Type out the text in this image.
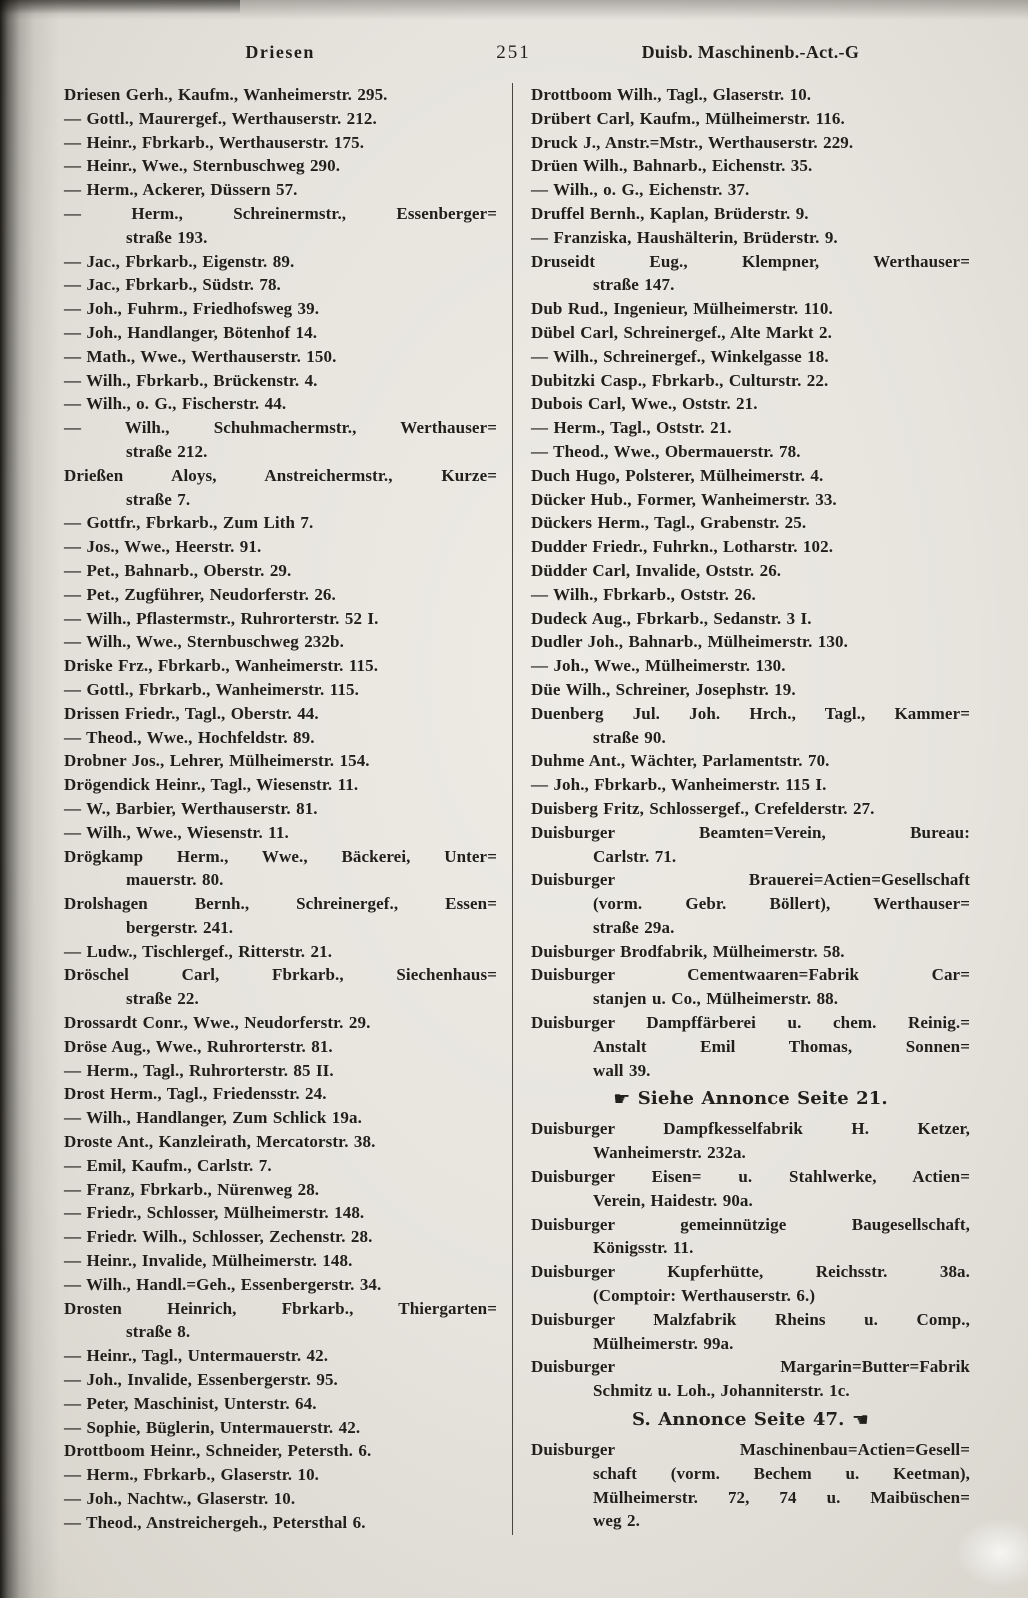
Driesen	251	Duisb. Maschinenb.-Act.-G
Driesen Gerh., Kaufm., Wanheimerstr. 295.
— Gottl., Maurergef., Werthauserstr. 212.
— Heinr., Fbrkarb., Werthauserstr. 175.
— Heinr., Wwe., Sternbuschweg 290.
— Herm., Ackerer, Düssern 57.
— Herm., Schreinermstr., Essenberger=
straße 193.
— Jac., Fbrkarb., Eigenstr. 89.
— Jac., Fbrkarb., Südstr. 78.
— Joh., Fuhrm., Friedhofsweg 39.
— Joh., Handlanger, Bötenhof 14.
— Math., Wwe., Werthauserstr. 150.
— Wilh., Fbrkarb., Brückenstr. 4.
— Wilh., o. G., Fischerstr. 44.
— Wilh., Schuhmachermstr., Werthauser=
straße 212.
Drießen Aloys, Anstreichermstr., Kurze=
straße 7.
— Gottfr., Fbrkarb., Zum Lith 7.
— Jos., Wwe., Heerstr. 91.
— Pet., Bahnarb., Oberstr. 29.
— Pet., Zugführer, Neudorferstr. 26.
— Wilh., Pflastermstr., Ruhrorterstr. 52 I.
— Wilh., Wwe., Sternbuschweg 232b.
Driske Frz., Fbrkarb., Wanheimerstr. 115.
— Gottl., Fbrkarb., Wanheimerstr. 115.
Drissen Friedr., Tagl., Oberstr. 44.
— Theod., Wwe., Hochfeldstr. 89.
Drobner Jos., Lehrer, Mülheimerstr. 154.
Drögendick Heinr., Tagl., Wiesenstr. 11.
— W., Barbier, Werthauserstr. 81.
— Wilh., Wwe., Wiesenstr. 11.
Drögkamp Herm., Wwe., Bäckerei, Unter=
mauerstr. 80.
Drolshagen Bernh., Schreinergef., Essen=
bergerstr. 241.
— Ludw., Tischlergef., Ritterstr. 21.
Dröschel Carl, Fbrkarb., Siechenhaus=
straße 22.
Drossardt Conr., Wwe., Neudorferstr. 29.
Dröse Aug., Wwe., Ruhrorterstr. 81.
— Herm., Tagl., Ruhrorterstr. 85 II.
Drost Herm., Tagl., Friedensstr. 24.
— Wilh., Handlanger, Zum Schlick 19a.
Droste Ant., Kanzleirath, Mercatorstr. 38.
— Emil, Kaufm., Carlstr. 7.
— Franz, Fbrkarb., Nürenweg 28.
— Friedr., Schlosser, Mülheimerstr. 148.
— Friedr. Wilh., Schlosser, Zechenstr. 28.
— Heinr., Invalide, Mülheimerstr. 148.
— Wilh., Handl.=Geh., Essenbergerstr. 34.
Drosten Heinrich, Fbrkarb., Thiergarten=
straße 8.
— Heinr., Tagl., Untermauerstr. 42.
— Joh., Invalide, Essenbergerstr. 95.
— Peter, Maschinist, Unterstr. 64.
— Sophie, Büglerin, Untermauerstr. 42.
Drottboom Heinr., Schneider, Petersth. 6.
— Herm., Fbrkarb., Glaserstr. 10.
— Joh., Nachtw., Glaserstr. 10.
— Theod., Anstreichergeh., Petersthal 6.
Drottboom Wilh., Tagl., Glaserstr. 10.
Drübert Carl, Kaufm., Mülheimerstr. 116.
Druck J., Anstr.=Mstr., Werthauserstr. 229.
Drüen Wilh., Bahnarb., Eichenstr. 35.
— Wilh., o. G., Eichenstr. 37.
Druffel Bernh., Kaplan, Brüderstr. 9.
— Franziska, Haushälterin, Brüderstr. 9.
Druseidt Eug., Klempner, Werthauser=
straße 147.
Dub Rud., Ingenieur, Mülheimerstr. 110.
Dübel Carl, Schreinergef., Alte Markt 2.
— Wilh., Schreinergef., Winkelgasse 18.
Dubitzki Casp., Fbrkarb., Culturstr. 22.
Dubois Carl, Wwe., Oststr. 21.
— Herm., Tagl., Oststr. 21.
— Theod., Wwe., Obermauerstr. 78.
Duch Hugo, Polsterer, Mülheimerstr. 4.
Dücker Hub., Former, Wanheimerstr. 33.
Dückers Herm., Tagl., Grabenstr. 25.
Dudder Friedr., Fuhrkn., Lotharstr. 102.
Düdder Carl, Invalide, Oststr. 26.
— Wilh., Fbrkarb., Oststr. 26.
Dudeck Aug., Fbrkarb., Sedanstr. 3 I.
Dudler Joh., Bahnarb., Mülheimerstr. 130.
— Joh., Wwe., Mülheimerstr. 130.
Düe Wilh., Schreiner, Josephstr. 19.
Duenberg Jul. Joh. Hrch., Tagl., Kammer=
straße 90.
Duhme Ant., Wächter, Parlamentstr. 70.
— Joh., Fbrkarb., Wanheimerstr. 115 I.
Duisberg Fritz, Schlossergef., Crefelderstr. 27.
Duisburger Beamten=Verein, Bureau:
Carlstr. 71.
Duisburger Brauerei=Actien=Gesellschaft
(vorm. Gebr. Böllert), Werthauser=
straße 29a.
Duisburger Brodfabrik, Mülheimerstr. 58.
Duisburger Cementwaaren=Fabrik Car=
stanjen u. Co., Mülheimerstr. 88.
Duisburger Dampffärberei u. chem. Reinig.=
Anstalt Emil Thomas, Sonnen=
wall 39.
☛ Siehe Annonce Seite 21.
Duisburger Dampfkesselfabrik H. Ketzer,
Wanheimerstr. 232a.
Duisburger Eisen= u. Stahlwerke, Actien=
Verein, Haidestr. 90a.
Duisburger gemeinnützige Baugesellschaft,
Königsstr. 11.
Duisburger Kupferhütte, Reichsstr. 38a.
(Comptoir: Werthauserstr. 6.)
Duisburger Malzfabrik Rheins u. Comp.,
Mülheimerstr. 99a.
Duisburger Margarin=Butter=Fabrik
Schmitz u. Loh., Johanniterstr. 1c.
S. Annonce Seite 47. ☚
Duisburger Maschinenbau=Actien=Gesell=
schaft (vorm. Bechem u. Keetman),
Mülheimerstr. 72, 74 u. Maibüschen=
weg 2.
